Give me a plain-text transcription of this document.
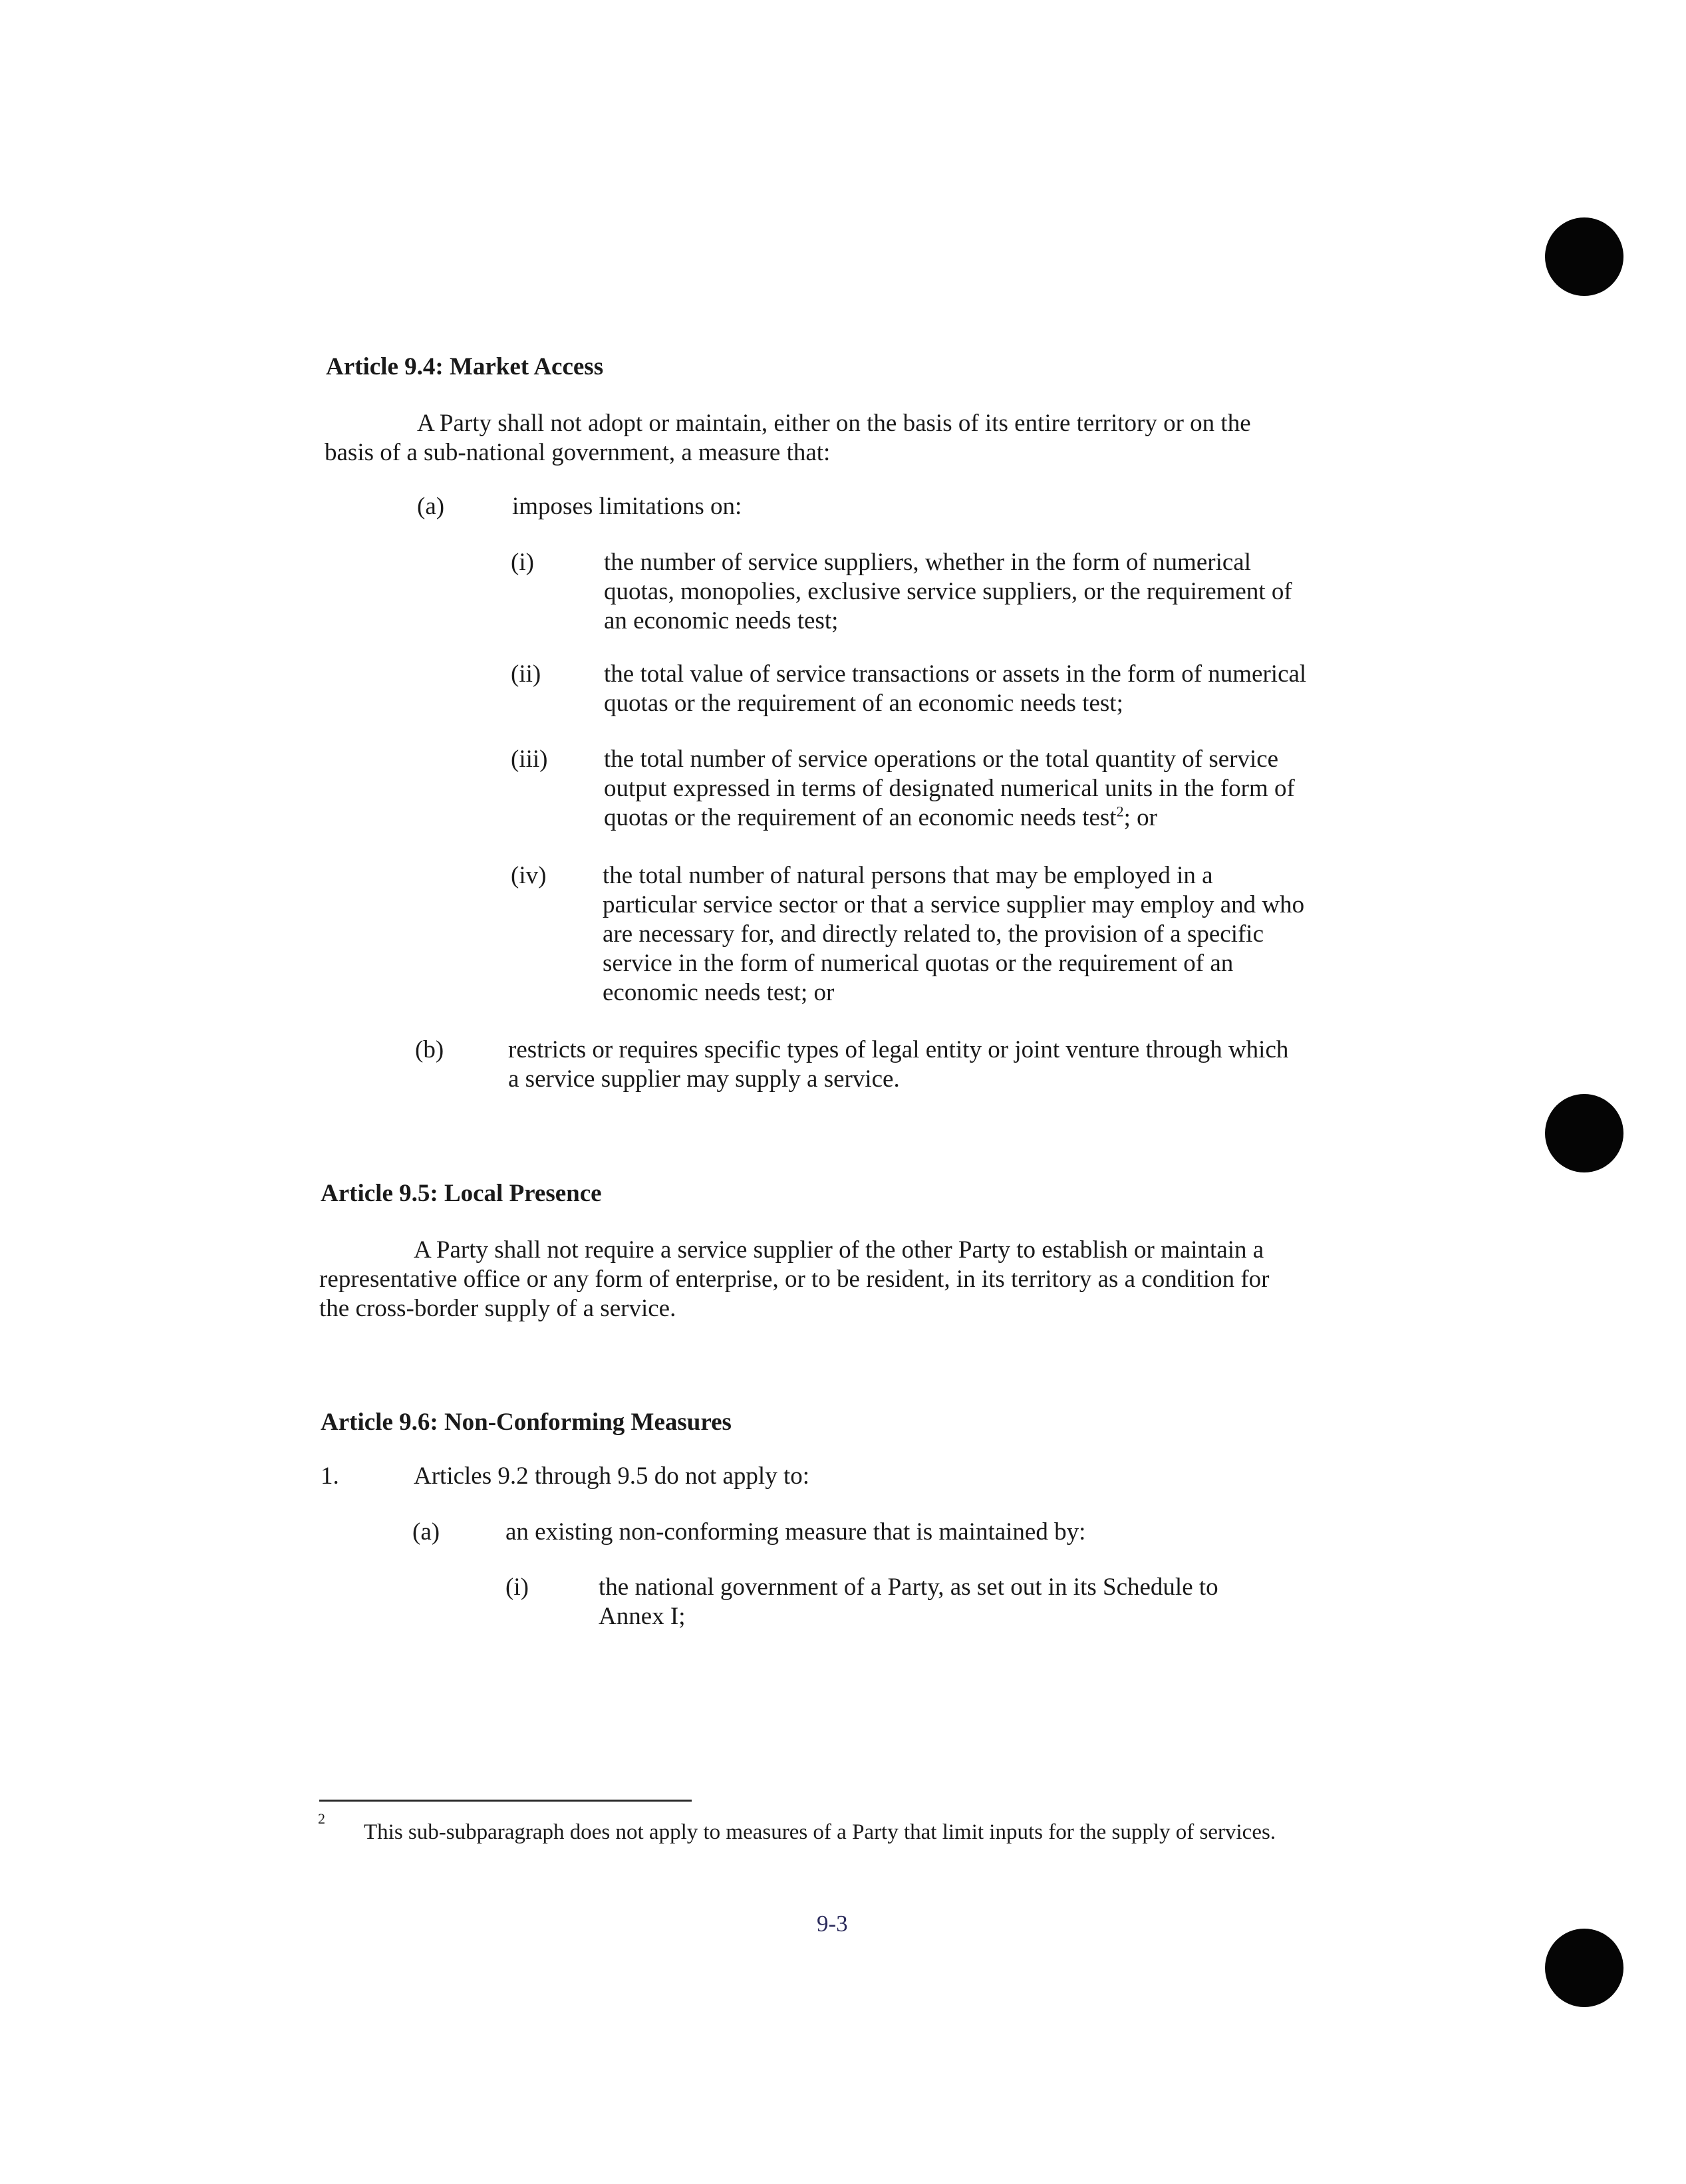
Article 9.4: Market Access
A Party shall not adopt or maintain, either on the basis of its entire territory or on the
basis of a sub-national government, a measure that:
(a)	imposes limitations on:
(i)	the number of service suppliers, whether in the form of numerical
quotas, monopolies, exclusive service suppliers, or the requirement of
an economic needs test;
(ii)	the total value of service transactions or assets in the form of numerical
quotas or the requirement of an economic needs test;
(iii) the total number of service operations or the total quantity of service
output expressed in terms of designated numerical units in the form of
quotas or the requirement of an economic needs test$^2$; or
(iv) the total number of natural persons that may be employed in a
particular service sector or that a service supplier may employ and who
are necessary for, and directly related to, the provision of a specific
service in the form of numerical quotas or the requirement of an
economic needs test; or
(b)	restricts or requires specific types of legal entity or joint venture through which
a service supplier may supply a service.
Article 9.5: Local Presence
A Party shall not require a service supplier of the other Party to establish or maintain a
representative office or any form of enterprise, or to be resident, in its territory as a condition for
the cross-border supply of a service.
Article 9.6: Non-Conforming Measures
1.	Articles 9.2 through 9.5 do not apply to:
(a)	an existing non-conforming measure that is maintained by:
(i)	the national government of a Party, as set out in its Schedule to
Annex I;
2
This sub-subparagraph does not apply to measures of a Party that limit inputs for the supply of services.
9-3
